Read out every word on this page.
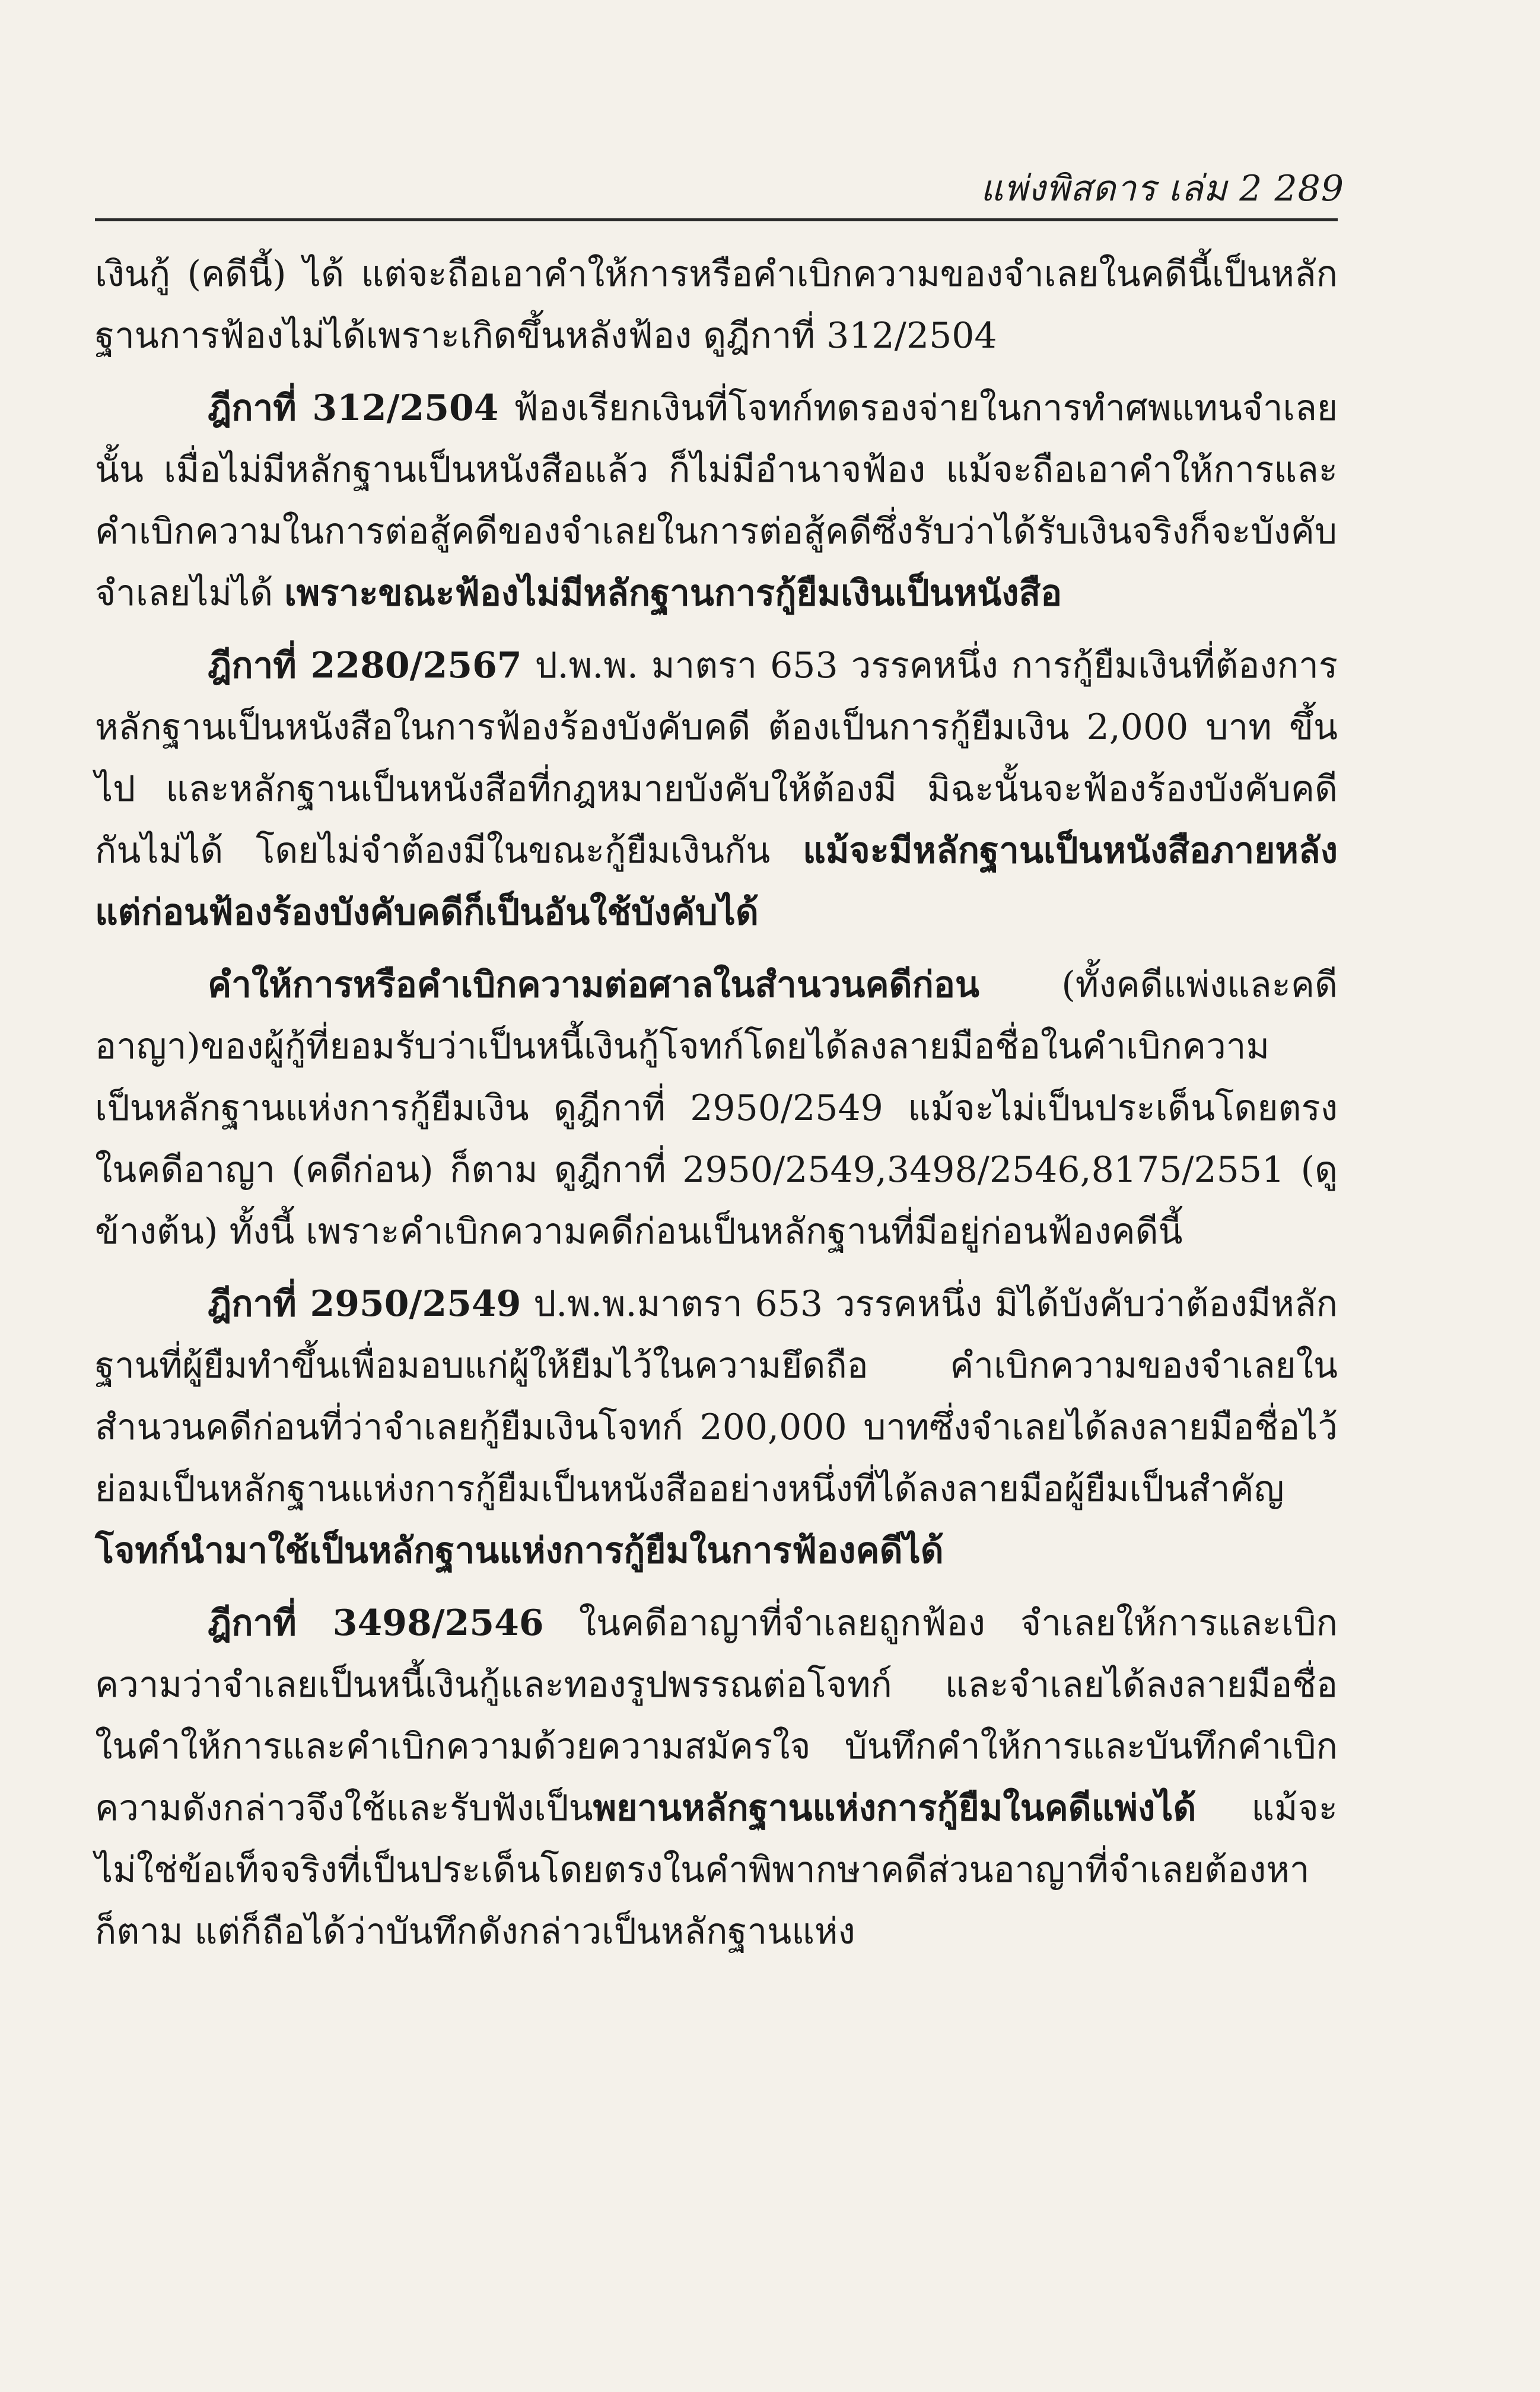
แพ่งพิสดาร เล่ม 2 289

เงินกู้ (คดีนี้) ได้ แต่จะถือเอาคำให้การหรือคำเบิกความของจำเลยในคดีนี้เป็นหลักฐานการฟ้องไม่ได้เพราะเกิดขึ้นหลังฟ้อง ดูฎีกาที่ 312/2504

ฎีกาที่ 312/2504 ฟ้องเรียกเงินที่โจทก์ทดรองจ่ายในการทำศพแทนจำเลยนั้น เมื่อไม่มีหลักฐานเป็นหนังสือแล้ว ก็ไม่มีอำนาจฟ้อง แม้จะถือเอาคำให้การและคำเบิกความในการต่อสู้คดีของจำเลยในการต่อสู้คดีซึ่งรับว่าได้รับเงินจริงก็จะบังคับจำเลยไม่ได้ เพราะขณะฟ้องไม่มีหลักฐานการกู้ยืมเงินเป็นหนังสือ

ฎีกาที่ 2280/2567 ป.พ.พ. มาตรา 653 วรรคหนึ่ง การกู้ยืมเงินที่ต้องการหลักฐานเป็นหนังสือในการฟ้องร้องบังคับคดี ต้องเป็นการกู้ยืมเงิน 2,000 บาท ขึ้นไป และหลักฐานเป็นหนังสือที่กฎหมายบังคับให้ต้องมี มิฉะนั้นจะฟ้องร้องบังคับคดีกันไม่ได้ โดยไม่จำต้องมีในขณะกู้ยืมเงินกัน แม้จะมีหลักฐานเป็นหนังสือภายหลังแต่ก่อนฟ้องร้องบังคับคดีก็เป็นอันใช้บังคับได้

คำให้การหรือคำเบิกความต่อศาลในสำนวนคดีก่อน (ทั้งคดีแพ่งและคดีอาญา)ของผู้กู้ที่ยอมรับว่าเป็นหนี้เงินกู้โจทก์โดยได้ลงลายมือชื่อในคำเบิกความ เป็นหลักฐานแห่งการกู้ยืมเงิน ดูฎีกาที่ 2950/2549 แม้จะไม่เป็นประเด็นโดยตรงในคดีอาญา (คดีก่อน) ก็ตาม ดูฎีกาที่ 2950/2549,3498/2546,8175/2551 (ดูข้างต้น) ทั้งนี้ เพราะคำเบิกความคดีก่อนเป็นหลักฐานที่มีอยู่ก่อนฟ้องคดีนี้

ฎีกาที่ 2950/2549 ป.พ.พ.มาตรา 653 วรรคหนึ่ง มิได้บังคับว่าต้องมีหลักฐานที่ผู้ยืมทำขึ้นเพื่อมอบแก่ผู้ให้ยืมไว้ในความยึดถือ คำเบิกความของจำเลยในสำนวนคดีก่อนที่ว่าจำเลยกู้ยืมเงินโจทก์ 200,000 บาทซึ่งจำเลยได้ลงลายมือชื่อไว้ ย่อมเป็นหลักฐานแห่งการกู้ยืมเป็นหนังสืออย่างหนึ่งที่ได้ลงลายมือผู้ยืมเป็นสำคัญ โจทก์นำมาใช้เป็นหลักฐานแห่งการกู้ยืมในการฟ้องคดีได้

ฎีกาที่ 3498/2546 ในคดีอาญาที่จำเลยถูกฟ้อง จำเลยให้การและเบิกความว่าจำเลยเป็นหนี้เงินกู้และทองรูปพรรณต่อโจทก์ และจำเลยได้ลงลายมือชื่อในคำให้การและคำเบิกความด้วยความสมัครใจ บันทึกคำให้การและบันทึกคำเบิกความดังกล่าวจึงใช้และรับฟังเป็นพยานหลักฐานแห่งการกู้ยืมในคดีแพ่งได้ แม้จะไม่ใช่ข้อเท็จจริงที่เป็นประเด็นโดยตรงในคำพิพากษาคดีส่วนอาญาที่จำเลยต้องหาก็ตาม แต่ก็ถือได้ว่าบันทึกดังกล่าวเป็นหลักฐานแห่ง
